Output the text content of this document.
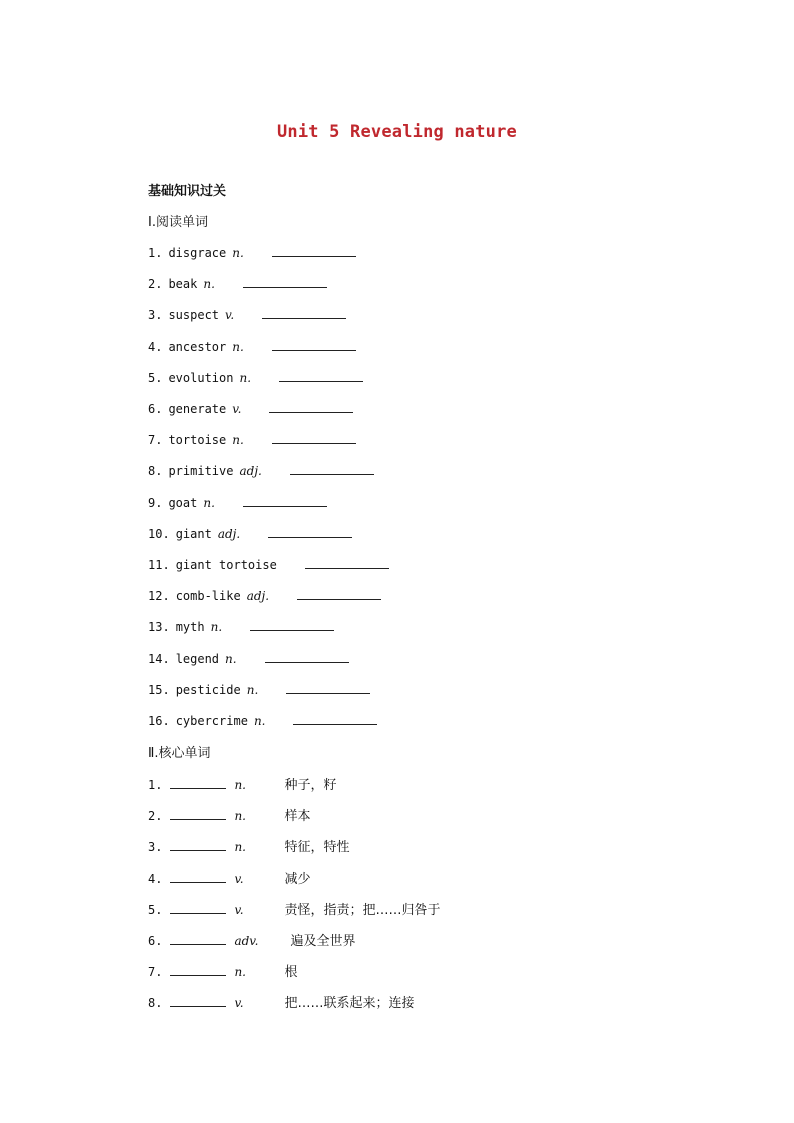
Unit 5 Revealing nature
基础知识过关
Ⅰ.阅读单词
1. disgrace n.
2. beak n.
3. suspect v.
4. ancestor n.
5. evolution n.
6. generate v.
7. tortoise n.
8. primitive adj.
9. goat n.
10. giant adj.
11. giant tortoise
12. comb-like adj.
13. myth n.
14. legend n.
15. pesticide n.
16. cybercrime n.
Ⅱ.核心单词
1.	n.	种子，籽
2.	n.	样本
3.	n.	特征，特性
4.	v.	减少
5.	v.	责怪，指责；把……归咎于
6.	adv. 遍及全世界
7.	n.	根
8.	v.	把……联系起来；连接
